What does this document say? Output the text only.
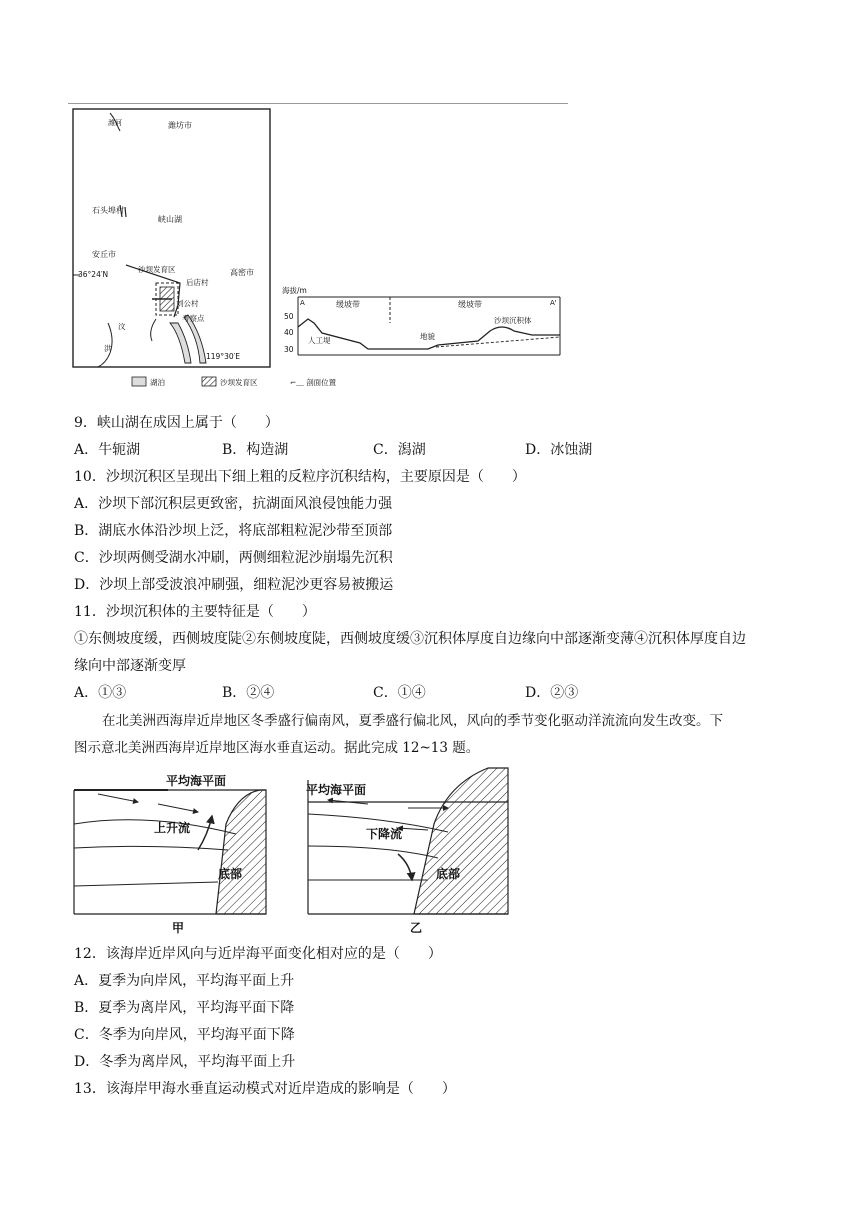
潍河	潍坊市
石头埠村
峡山湖
安丘市
36°24′N
沙坝发育区	高密市
后店村
刘公村
考察点
汶
洪
119°30′E
湖泊	沙坝发育区	⌐﹏ 剖面位置
海拔/m
50
40
30
A	A'
缓坡带	缓坡带
沙坝沉积体
地貌
人工堤
9．峡山湖在成因上属于（　　）
A．牛轭湖	B．构造湖	C．潟湖	D．冰蚀湖
10．沙坝沉积区呈现出下细上粗的反粒序沉积结构，主要原因是（　　）
A．沙坝下部沉积层更致密，抗湖面风浪侵蚀能力强
B．湖底水体沿沙坝上泛，将底部粗粒泥沙带至顶部
C．沙坝两侧受湖水冲刷，两侧细粒泥沙崩塌先沉积
D．沙坝上部受波浪冲刷强，细粒泥沙更容易被搬运
11．沙坝沉积体的主要特征是（　　）
①东侧坡度缓，西侧坡度陡②东侧坡度陡，西侧坡度缓③沉积体厚度自边缘向中部逐渐变薄④沉积体厚度自边
缘向中部逐渐变厚
A．①③	B．②④	C．①④	D．②③
在北美洲西海岸近岸地区冬季盛行偏南风，夏季盛行偏北风，风向的季节变化驱动洋流流向发生改变。下
图示意北美洲西海岸近岸地区海水垂直运动。据此完成 12~13 题。
平均海平面
上升流
底部
甲
平均海平面
下降流
底部
乙
12．该海岸近岸风向与近岸海平面变化相对应的是（　　）
A．夏季为向岸风，平均海平面上升
B．夏季为离岸风，平均海平面下降
C．冬季为向岸风，平均海平面下降
D．冬季为离岸风，平均海平面上升
13．该海岸甲海水垂直运动模式对近岸造成的影响是（　　）
